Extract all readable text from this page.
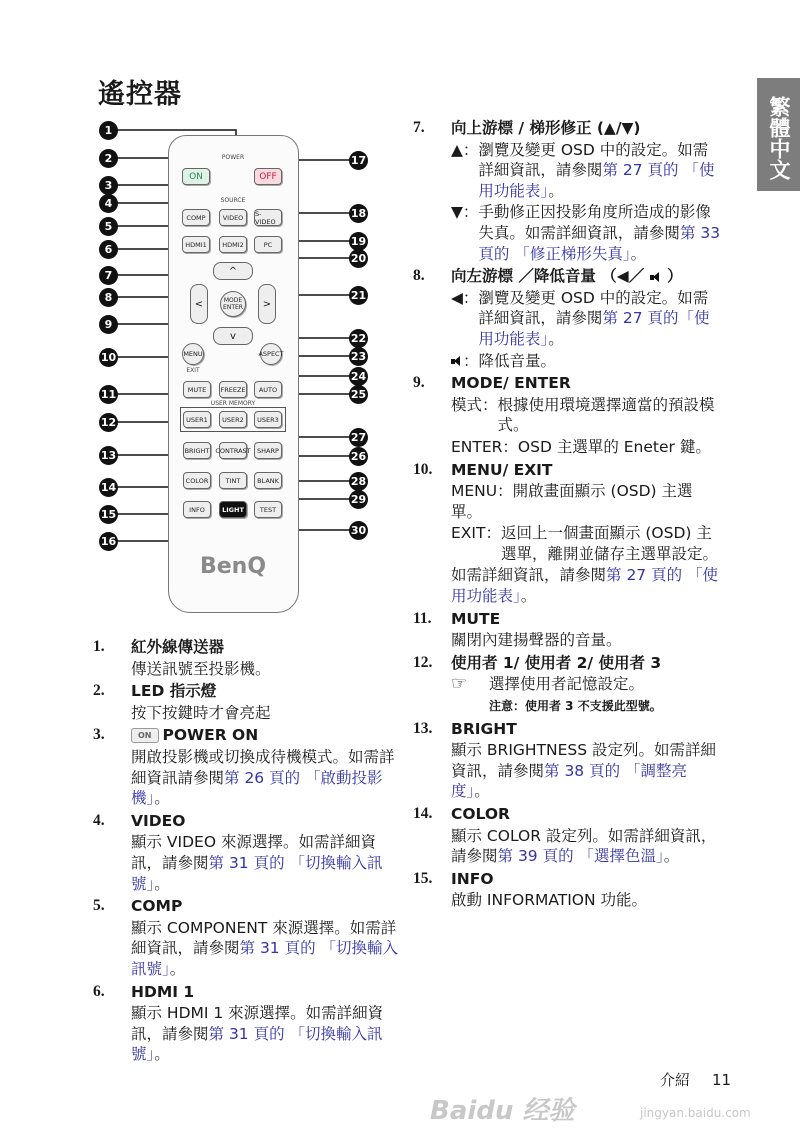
遙控器
繁體中文
ON	OFF
COMP	VIDEO	S-VIDEO
HDMI1	HDMI2	PC
MENU	ASPECT
MUTE	FREEZE	AUTO
USER1	USER2	USER3
BRIGHT CONTRAST SHARP
COLOR	TINT	BLANK
INFO	LIGHT	TEST
^
v
<	>
MODE
ENTER
POWER
SOURCE
USER MEMORY
EXIT
BenQ
1
2
3
4
5
6
7
8
9
10
11
12
13
14
15
16
17
18
19
20
21
22
23
24
25
26
27
28
29
30
1. 紅外線傳送器

傳送訊號至投影機。

2. LED 指示燈

按下按鍵時才會亮起

3.	ON POWER ON

開啟投影機或切換成待機模式。如需詳細資訊請參閱第 26 頁的 「啟動投影機」。

4. VIDEO

顯示 VIDEO 來源選擇。如需詳細資訊，請參閱第 31 頁的 「切換輸入訊號」。

5. COMP

顯示 COMPONENT 來源選擇。如需詳細資訊，請參閱第 31 頁的 「切換輸入訊號」。

6. HDMI 1

顯示 HDMI 1 來源選擇。如需詳細資訊，請參閱第 31 頁的 「切換輸入訊號」。

7. 向上游標 / 梯形修正 (▲/▼)

▲： 瀏覽及變更 OSD 中的設定。如需詳細資訊，請參閱第 27 頁的 「使用功能表」。

▼： 手動修正因投影角度所造成的影像失真。如需詳細資訊，請參閱第 33 頁的 「修正梯形失真」。

8. 向左游標 ／降低音量 （◀／  ）

◀： 瀏覽及變更 OSD 中的設定。如需詳細資訊，請參閱第 27 頁的「使用功能表」。

： 降低音量。

9. MODE/ ENTER

模式： 根據使用環境選擇適當的預設模式。

ENTER：OSD 主選單的 Eneter 鍵。

10. MENU/ EXIT

MENU：開啟畫面顯示 (OSD) 主選單。

EXIT： 返回上一個畫面顯示 (OSD) 主選單，離開並儲存主選單設定。

如需詳細資訊，請參閱第 27 頁的 「使用功能表」。

11. MUTE

關閉內建揚聲器的音量。

12. 使用者 1/ 使用者 2/ 使用者 3

☞	選擇使用者記憶設定。

注意：使用者 3 不支援此型號。

13. BRIGHT

顯示 BRIGHTNESS 設定列。如需詳細資訊，請參閱第 38 頁的 「調整亮度」。

14. COLOR

顯示 COLOR 設定列。如需詳細資訊，請參閱第 39 頁的 「選擇色溫」。

15. INFO

啟動 INFORMATION 功能。

介紹 11
Baidu 经验	jingyan.baidu.com
